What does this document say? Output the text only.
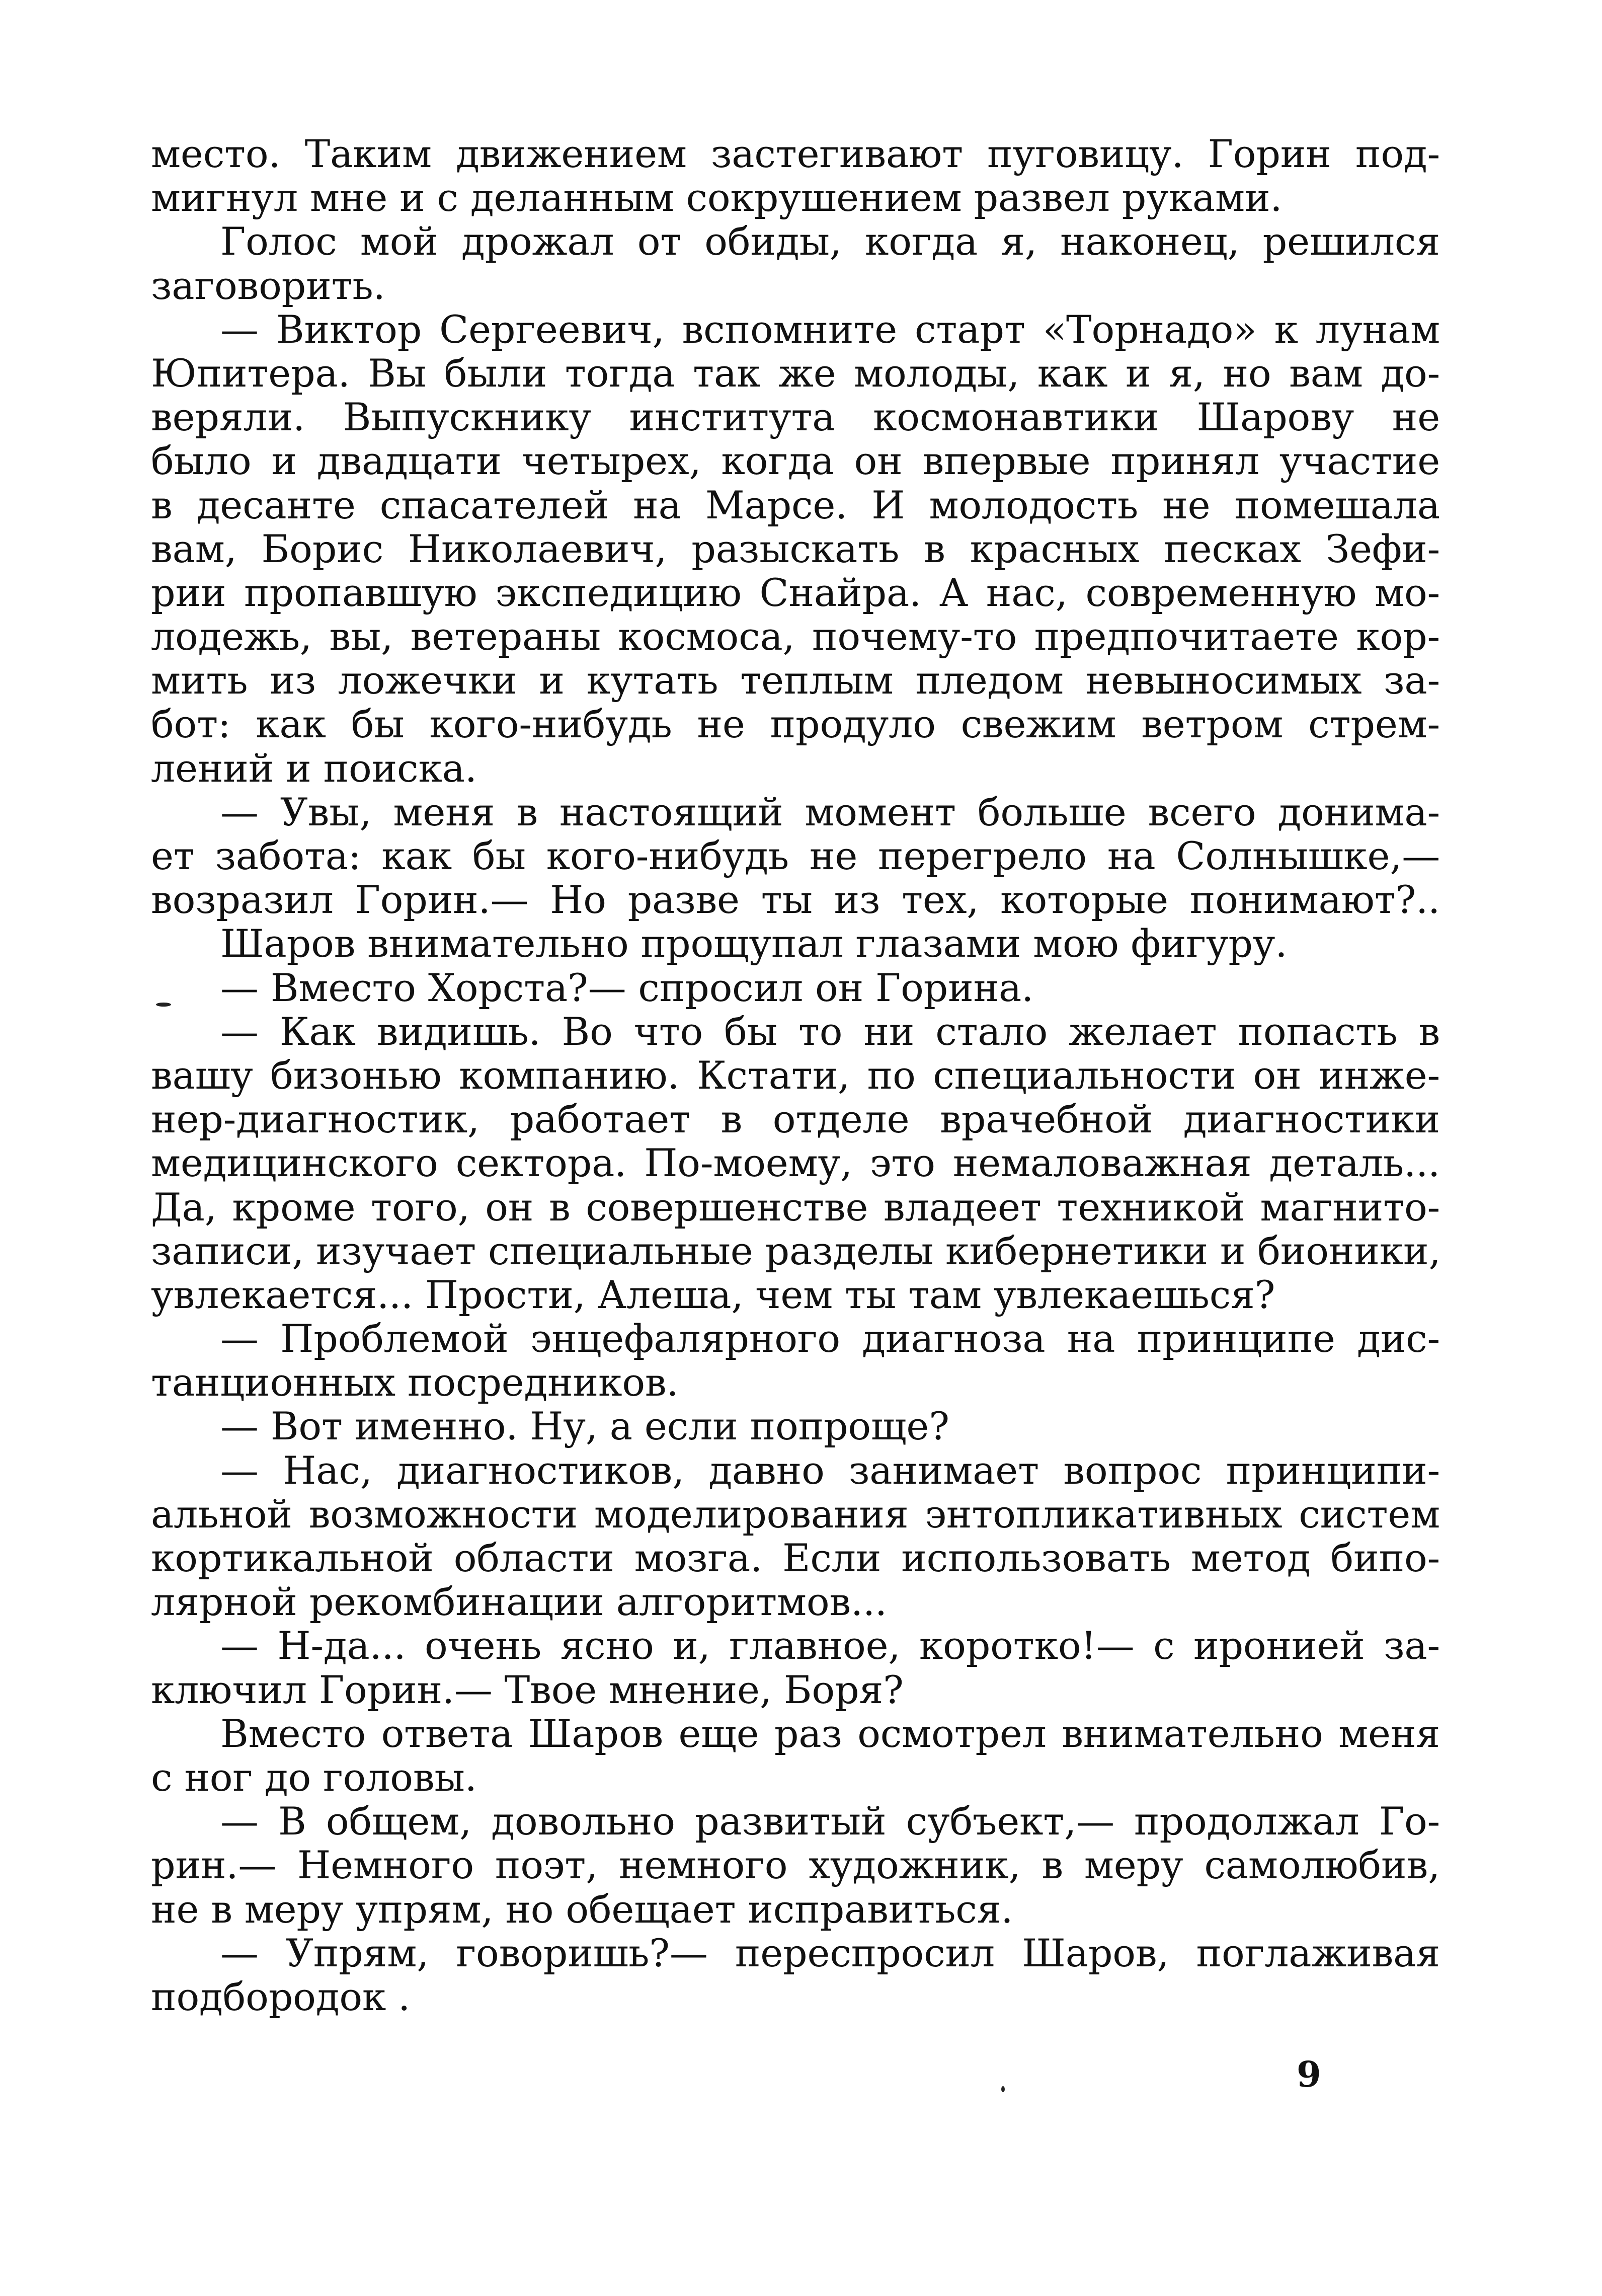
место. Таким движением застегивают пуговицу. Горин под-
мигнул мне и с деланным сокрушением развел руками.
Голос мой дрожал от обиды, когда я, наконец, решился
заговорить.
— Виктор Сергеевич, вспомните старт «Торнадо» к лунам
Юпитера. Вы были тогда так же молоды, как и я, но вам до-
веряли. Выпускнику института космонавтики Шарову не
было и двадцати четырех, когда он впервые принял участие
в десанте спасателей на Марсе. И молодость не помешала
вам, Борис Николаевич, разыскать в красных песках Зефи-
рии пропавшую экспедицию Снайра. А нас, современную мо-
лодежь, вы, ветераны космоса, почему-то предпочитаете кор-
мить из ложечки и кутать теплым пледом невыносимых за-
бот: как бы кого-нибудь не продуло свежим ветром стрем-
лений и поиска.
— Увы, меня в настоящий момент больше всего донима-
ет забота: как бы кого-нибудь не перегрело на Солнышке,—
возразил Горин.— Но разве ты из тех, которые понимают?..
Шаров внимательно прощупал глазами мою фигуру.
— Вместо Хорста?— спросил он Горина.
— Как видишь. Во что бы то ни стало желает попасть в
вашу бизонью компанию. Кстати, по специальности он инже-
нер-диагностик, работает в отделе врачебной диагностики
медицинского сектора. По-моему, это немаловажная деталь...
Да, кроме того, он в совершенстве владеет техникой магнито-
записи, изучает специальные разделы кибернетики и бионики,
увлекается... Прости, Алеша, чем ты там увлекаешься?
— Проблемой энцефалярного диагноза на принципе дис-
танционных посредников.
— Вот именно. Ну, а если попроще?
— Нас, диагностиков, давно занимает вопрос принципи-
альной возможности моделирования энтопликативных систем
кортикальной области мозга. Если использовать метод бипо-
лярной рекомбинации алгоритмов...
— Н-да... очень ясно и, главное, коротко!— с иронией за-
ключил Горин.— Твое мнение, Боря?
Вместо ответа Шаров еще раз осмотрел внимательно меня
с ног до головы.
— В общем, довольно развитый субъект,— продолжал Го-
рин.— Немного поэт, немного художник, в меру самолюбив,
не в меру упрям, но обещает исправиться.
— Упрям, говоришь?— переспросил Шаров, поглаживая
подбородок .
9
